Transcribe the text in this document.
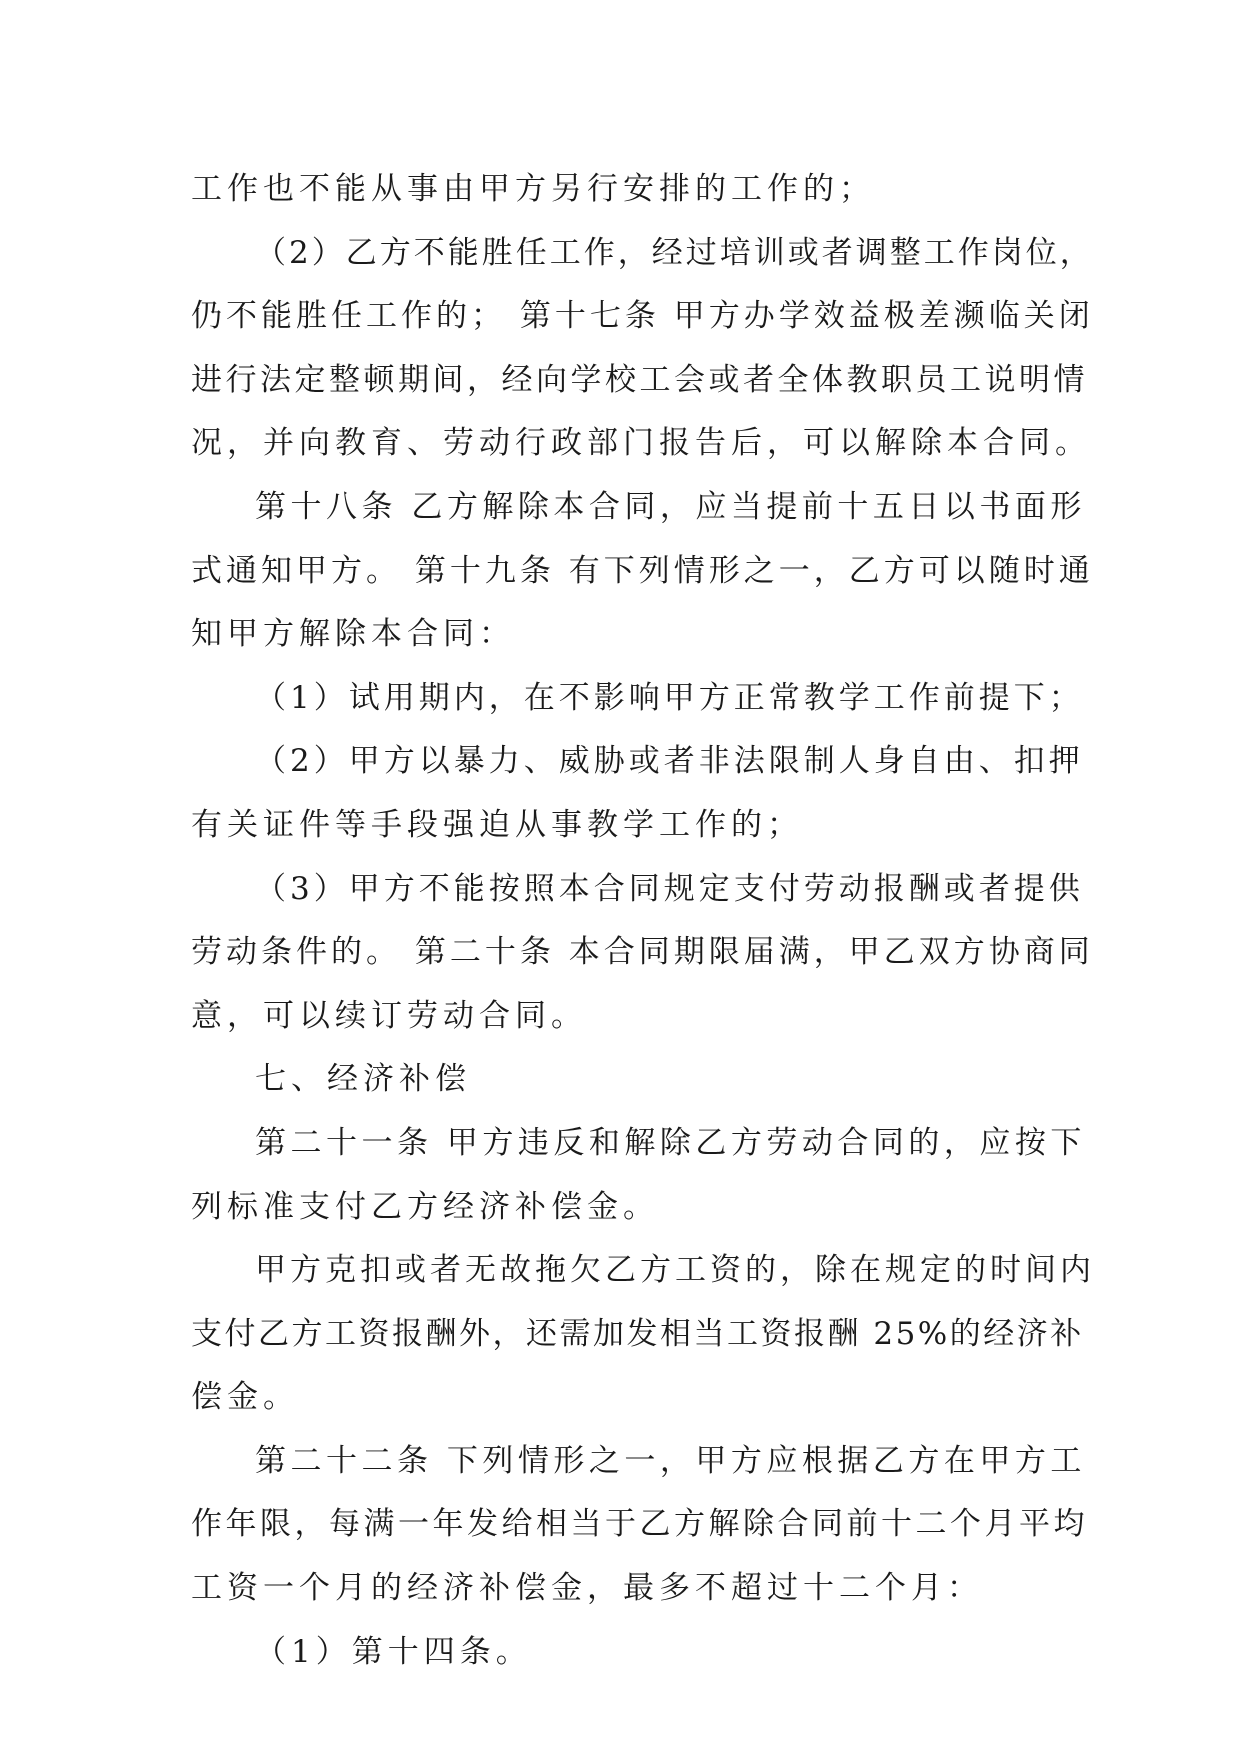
工作也不能从事由甲方另行安排的工作的；
（2）乙方不能胜任工作，经过培训或者调整工作岗位，
仍不能胜任工作的； 第十七条 甲方办学效益极差濒临关闭
进行法定整顿期间，经向学校工会或者全体教职员工说明情
况，并向教育、劳动行政部门报告后，可以解除本合同。
第十八条 乙方解除本合同，应当提前十五日以书面形
式通知甲方。 第十九条 有下列情形之一，乙方可以随时通
知甲方解除本合同：
（1）试用期内，在不影响甲方正常教学工作前提下；
（2）甲方以暴力、威胁或者非法限制人身自由、扣押
有关证件等手段强迫从事教学工作的；
（3）甲方不能按照本合同规定支付劳动报酬或者提供
劳动条件的。 第二十条 本合同期限届满，甲乙双方协商同
意，可以续订劳动合同。
七、经济补偿
第二十一条 甲方违反和解除乙方劳动合同的，应按下
列标准支付乙方经济补偿金。
甲方克扣或者无故拖欠乙方工资的，除在规定的时间内
支付乙方工资报酬外，还需加发相当工资报酬 25%的经济补
偿金。
第二十二条 下列情形之一，甲方应根据乙方在甲方工
作年限，每满一年发给相当于乙方解除合同前十二个月平均
工资一个月的经济补偿金，最多不超过十二个月：
（1）第十四条。
